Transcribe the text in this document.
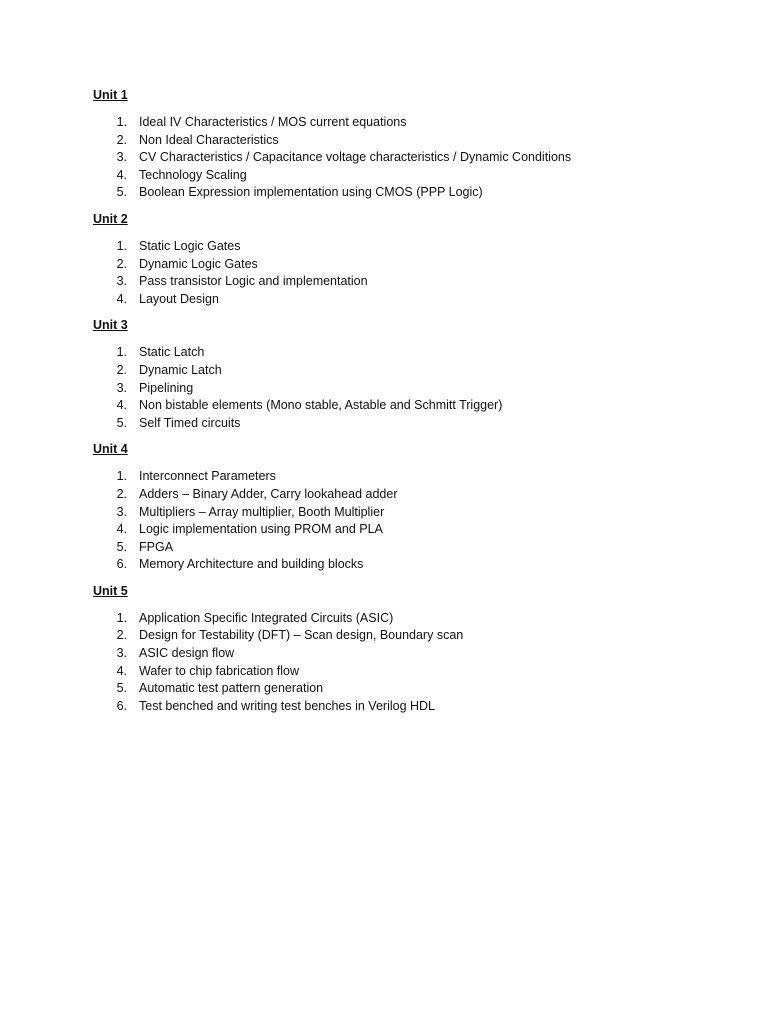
Unit 1
1. Ideal IV Characteristics / MOS current equations
2. Non Ideal Characteristics
3. CV Characteristics / Capacitance voltage characteristics / Dynamic Conditions
4. Technology Scaling
5. Boolean Expression implementation using CMOS (PPP Logic)
Unit 2
1. Static Logic Gates
2. Dynamic Logic Gates
3. Pass transistor Logic and implementation
4. Layout Design
Unit 3
1. Static Latch
2. Dynamic Latch
3. Pipelining
4. Non bistable elements (Mono stable, Astable and Schmitt Trigger)
5. Self Timed circuits
Unit 4
1. Interconnect Parameters
2. Adders – Binary Adder, Carry lookahead adder
3. Multipliers – Array multiplier, Booth Multiplier
4. Logic implementation using PROM and PLA
5. FPGA
6. Memory Architecture and building blocks
Unit 5
1. Application Specific Integrated Circuits (ASIC)
2. Design for Testability (DFT) – Scan design, Boundary scan
3. ASIC design flow
4. Wafer to chip fabrication flow
5. Automatic test pattern generation
6. Test benched and writing test benches in Verilog HDL
